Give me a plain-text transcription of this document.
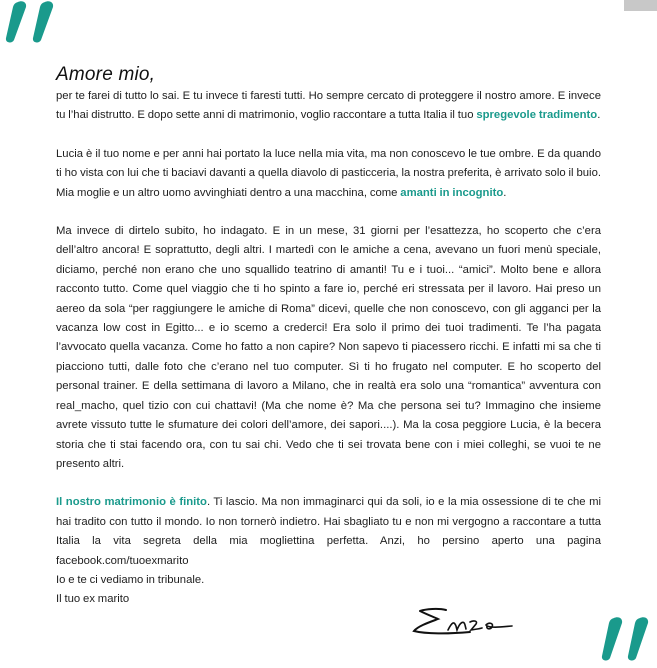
Amore mio,

per te farei di tutto lo sai. E tu invece ti faresti tutti. Ho sempre cercato di proteggere il nostro amore. E invece tu l’hai distrutto. E dopo sette anni di matrimonio, voglio raccontare a tutta Italia il tuo spregevole tradimento.

Lucia è il tuo nome e per anni hai portato la luce nella mia vita, ma non conoscevo le tue ombre. E da quando ti ho vista con lui che ti baciavi davanti a quella diavolo di pasticceria, la nostra preferita, è arrivato solo il buio. Mia moglie e un altro uomo avvinghiati dentro a una macchina, come amanti in incognito.

Ma invece di dirtelo subito, ho indagato. E in un mese, 31 giorni per l’esattezza, ho scoperto che c’era dell’altro ancora! E soprattutto, degli altri. I martedì con le amiche a cena, avevano un fuori menù speciale, diciamo, perché non erano che uno squallido teatrino di amanti! Tu e i tuoi... “amici”. Molto bene e allora racconto tutto. Come quel viaggio che ti ho spinto a fare io, perché eri stressata per il lavoro. Hai preso un aereo da sola “per raggiungere le amiche di Roma” dicevi, quelle che non conoscevo, con gli agganci per la vacanza low cost in Egitto... e io scemo a crederci! Era solo il primo dei tuoi tradimenti. Te l’ha pagata l’avvocato quella vacanza. Come ho fatto a non capire? Non sapevo ti piacessero ricchi. E infatti mi sa che ti piacciono tutti, dalle foto che c’erano nel tuo computer. Sì ti ho frugato nel computer. E ho scoperto del personal trainer. E della settimana di lavoro a Milano, che in realtà era solo una “romantica” avventura con real_macho, quel tizio con cui chattavi! (Ma che nome è? Ma che persona sei tu? Immagino che insieme avrete vissuto tutte le sfumature dei colori dell’amore, dei sapori....). Ma la cosa peggiore Lucia, è la becera storia che ti stai facendo ora, con tu sai chi. Vedo che ti sei trovata bene con i miei colleghi, se vuoi te ne presento altri.

Il nostro matrimonio è finito. Ti lascio. Ma non immaginarci qui da soli, io e la mia ossessione di te che mi hai tradito con tutto il mondo. Io non tornerò indietro. Hai sbagliato tu e non mi vergogno a raccontare a tutta Italia la vita segreta della mia mogliettina perfetta. Anzi, ho persino aperto una pagina facebook.com/tuoexmarito

Io e te ci vediamo in tribunale.

Il tuo ex marito
